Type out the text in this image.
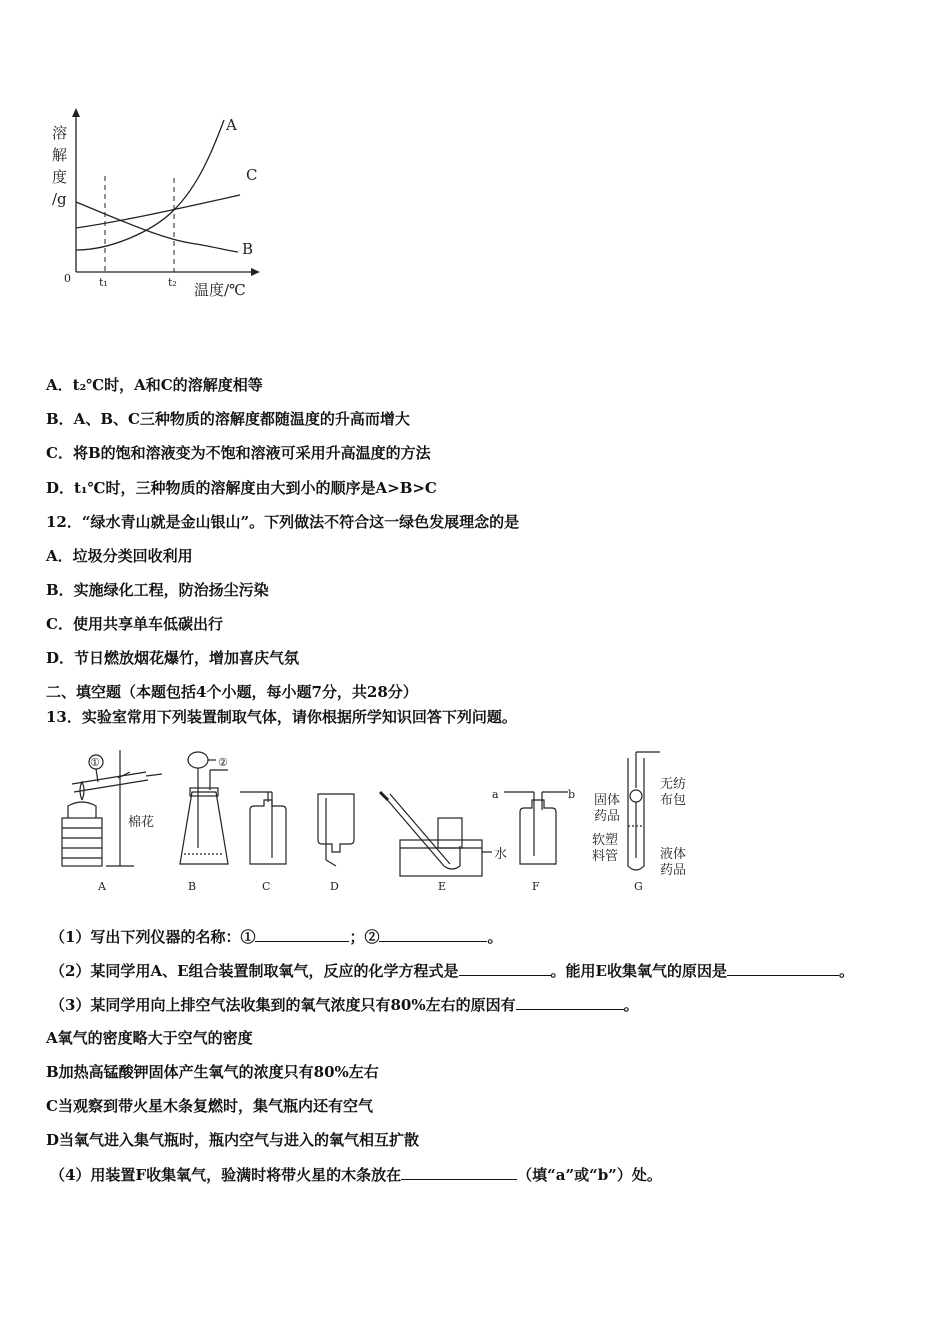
溶
解
度
/g
0	t₁	t₂ 温度/℃
A
C
B
A．t₂℃时，A和C的溶解度相等
B．A、B、C三种物质的溶解度都随温度的升高而增大
C．将B的饱和溶液变为不饱和溶液可采用升高温度的方法
D．t₁℃时，三种物质的溶解度由大到小的顺序是A>B>C
12．“绿水青山就是金山银山”。下列做法不符合这一绿色发展理念的是
A．垃圾分类回收利用
B．实施绿化工程，防治扬尘污染
C．使用共享单车低碳出行
D．节日燃放烟花爆竹，增加喜庆气氛
二、填空题（本题包括4个小题，每小题7分，共28分）
13．实验室常用下列装置制取气体，请你根据所学知识回答下列问题。
①
棉花
A
②
B	C	D
水
E
a	b
F
固体
药品
无纺
布包
软塑
料管	液体
药品
G
（1）写出下列仪器的名称：①	；②	。
（2）某同学用A、E组合装置制取氧气，反应的化学方程式是	。能用E收集氧气的原因是	。
（3）某同学用向上排空气法收集到的氧气浓度只有80%左右的原因有	。
A氧气的密度略大于空气的密度
B加热高锰酸钾固体产生氧气的浓度只有80%左右
C当观察到带火星木条复燃时，集气瓶内还有空气
D当氧气进入集气瓶时，瓶内空气与进入的氧气相互扩散
（4）用装置F收集氧气，验满时将带火星的木条放在	（填“a”或“b”）处。
